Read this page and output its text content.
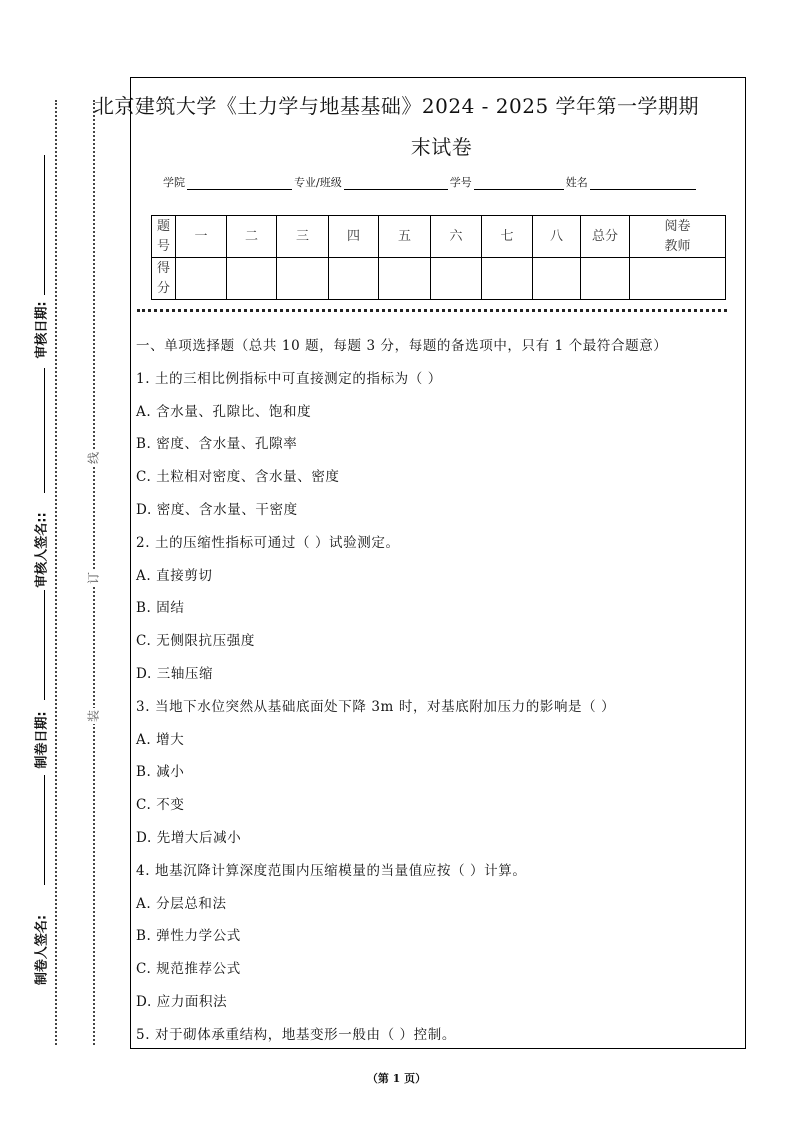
审核日期:
审核人签名::
制卷日期:
制卷人签名:
线
订
装
北京建筑大学《土力学与地基基础》2024 - 2025 学年第一学期期
末试卷
学院	专业/班级	学号	姓名
题号	一	二	三	四	五	六	七	八	总分	阅卷教师
得分										
一、单项选择题（总共 10 题，每题 3 分，每题的备选项中，只有 1 个最符合题意）
1. 土的三相比例指标中可直接测定的指标为（ ）
A. 含水量、孔隙比、饱和度
B. 密度、含水量、孔隙率
C. 土粒相对密度、含水量、密度
D. 密度、含水量、干密度
2. 土的压缩性指标可通过（ ）试验测定。
A. 直接剪切
B. 固结
C. 无侧限抗压强度
D. 三轴压缩
3. 当地下水位突然从基础底面处下降 3m 时，对基底附加压力的影响是（ ）
A. 增大
B. 减小
C. 不变
D. 先增大后减小
4. 地基沉降计算深度范围内压缩模量的当量值应按（ ）计算。
A. 分层总和法
B. 弹性力学公式
C. 规范推荐公式
D. 应力面积法
5. 对于砌体承重结构，地基变形一般由（ ）控制。
（第 1 页）
